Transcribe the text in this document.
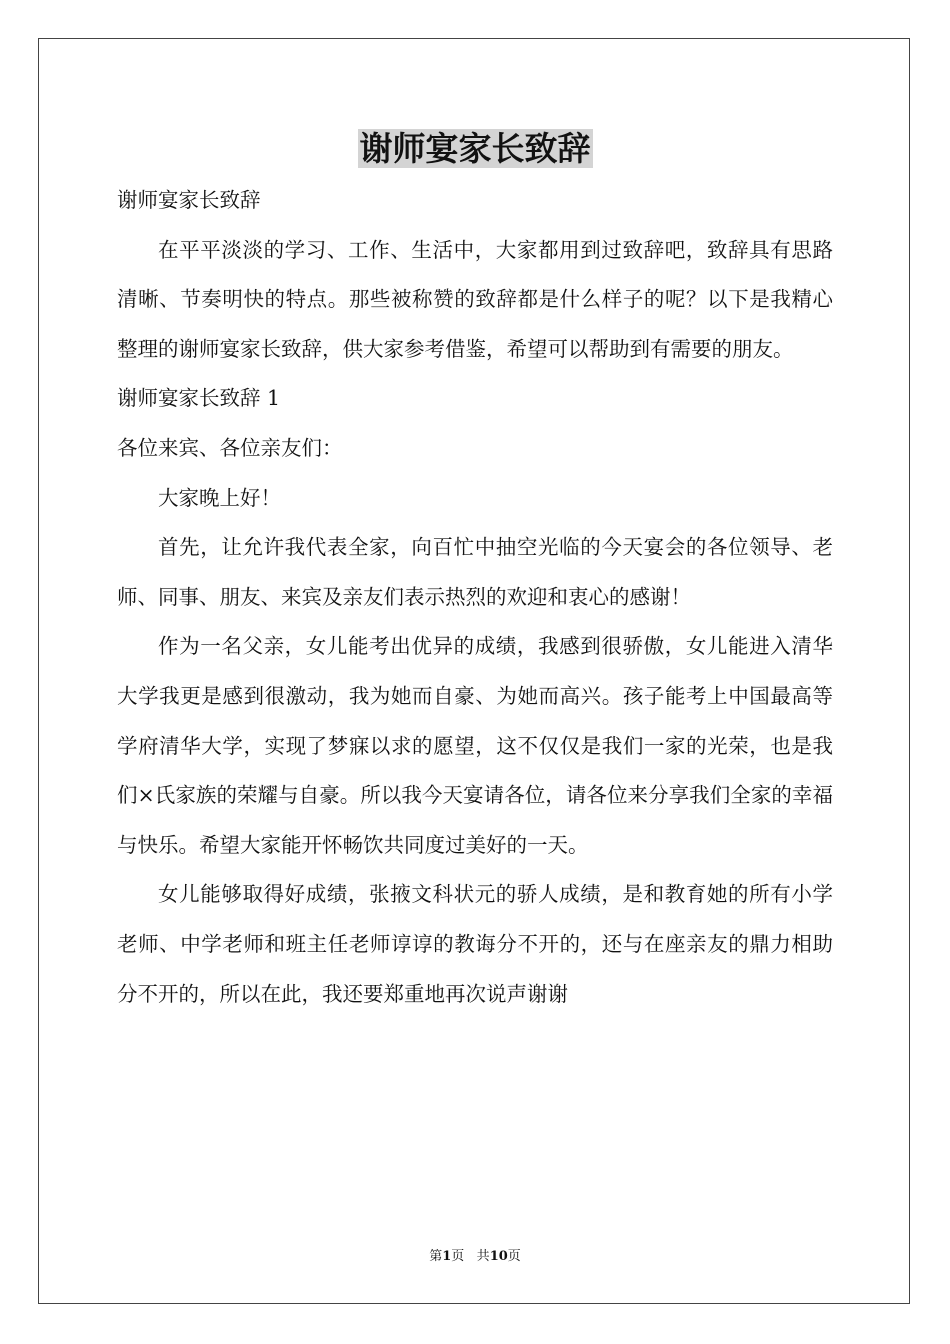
谢师宴家长致辞

谢师宴家长致辞

在平平淡淡的学习、工作、生活中，大家都用到过致辞吧，致辞具有思路清晰、节奏明快的特点。那些被称赞的致辞都是什么样子的呢？以下是我精心整理的谢师宴家长致辞，供大家参考借鉴，希望可以帮助到有需要的朋友。

谢师宴家长致辞 1

各位来宾、各位亲友们：

大家晚上好！

首先，让允许我代表全家，向百忙中抽空光临的今天宴会的各位领导、老师、同事、朋友、来宾及亲友们表示热烈的欢迎和衷心的感谢！

作为一名父亲，女儿能考出优异的成绩，我感到很骄傲，女儿能进入清华大学我更是感到很激动，我为她而自豪、为她而高兴。孩子能考上中国最高等学府清华大学，实现了梦寐以求的愿望，这不仅仅是我们一家的光荣，也是我们×氏家族的荣耀与自豪。所以我今天宴请各位，请各位来分享我们全家的幸福与快乐。希望大家能开怀畅饮共同度过美好的一天。

女儿能够取得好成绩，张掖文科状元的骄人成绩，是和教育她的所有小学老师、中学老师和班主任老师谆谆的教诲分不开的，还与在座亲友的鼎力相助分不开的，所以在此，我还要郑重地再次说声谢谢

第1页 共10页
